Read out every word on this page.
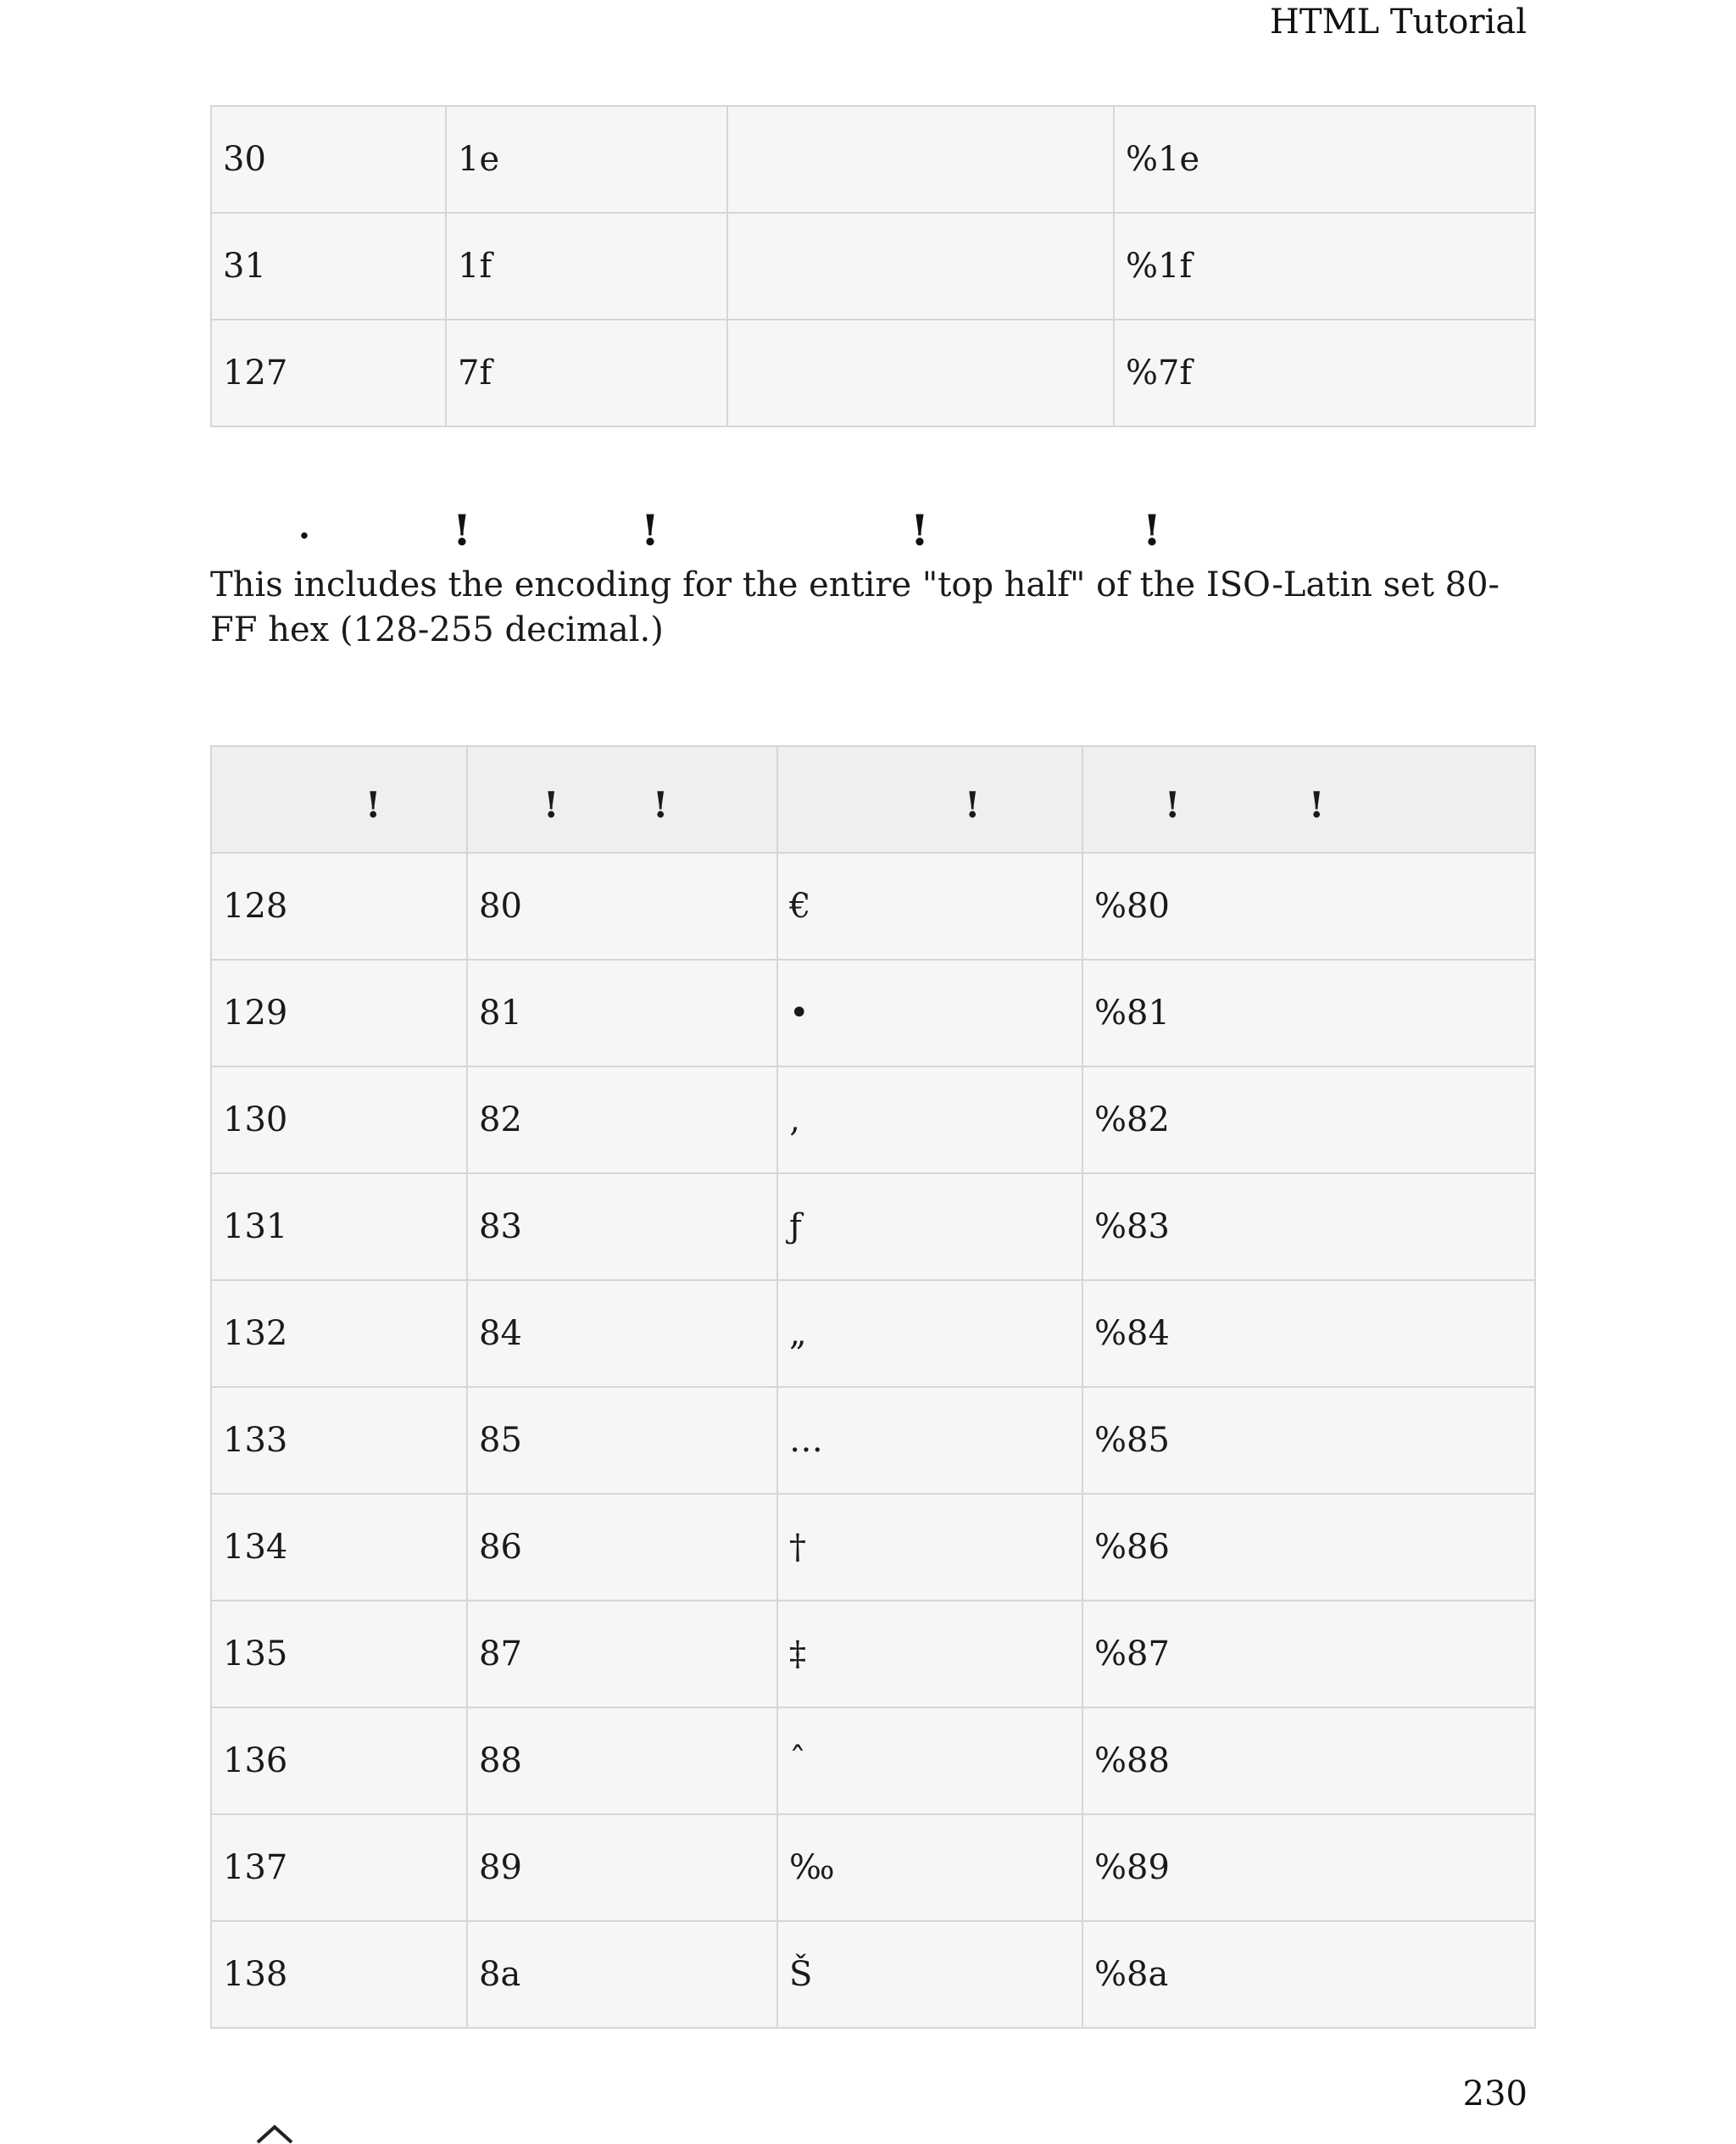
HTML Tutorial
30	1e		%1e
31	1f		%1f
127	7f		%7f
.	!	!	!	!

This includes the encoding for the entire "top half" of the ISO-Latin set 80-FF hex (128-255 decimal.)

!	! !	!	! !

128	80	€	%80
129	81	•	%81
130	82	‚	%82
131	83	ƒ	%83
132	84	„	%84
133	85	…	%85
134	86	†	%86
135	87	‡	%87
136	88	ˆ	%88
137	89	‰	%89
138	8a	Š	%8a
230
